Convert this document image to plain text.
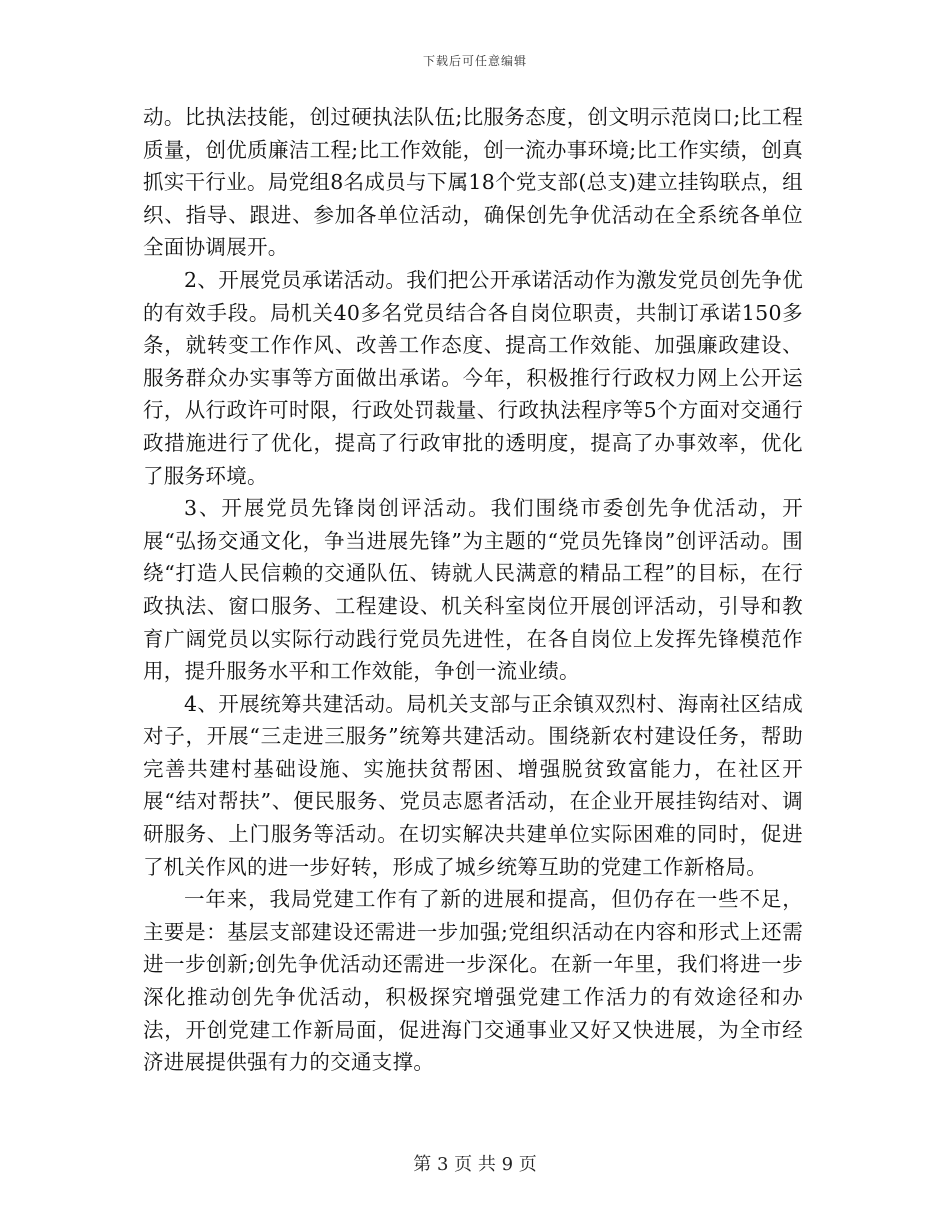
下载后可任意编辑

动。比执法技能，创过硬执法队伍;比服务态度，创文明示范岗口;比工程质量，创优质廉洁工程;比工作效能，创一流办事环境;比工作实绩，创真抓实干行业。局党组8名成员与下属18个党支部(总支)建立挂钩联点，组织、指导、跟进、参加各单位活动，确保创先争优活动在全系统各单位全面协调展开。

2、开展党员承诺活动。我们把公开承诺活动作为激发党员创先争优的有效手段。局机关40多名党员结合各自岗位职责，共制订承诺150多条，就转变工作作风、改善工作态度、提高工作效能、加强廉政建设、服务群众办实事等方面做出承诺。今年，积极推行行政权力网上公开运行，从行政许可时限，行政处罚裁量、行政执法程序等5个方面对交通行政措施进行了优化，提高了行政审批的透明度，提高了办事效率，优化了服务环境。

3、开展党员先锋岗创评活动。我们围绕市委创先争优活动，开展“弘扬交通文化，争当进展先锋”为主题的“党员先锋岗”创评活动。围绕“打造人民信赖的交通队伍、铸就人民满意的精品工程”的目标，在行政执法、窗口服务、工程建设、机关科室岗位开展创评活动，引导和教育广阔党员以实际行动践行党员先进性，在各自岗位上发挥先锋模范作用，提升服务水平和工作效能，争创一流业绩。

4、开展统筹共建活动。局机关支部与正余镇双烈村、海南社区结成对子，开展“三走进三服务”统筹共建活动。围绕新农村建设任务，帮助完善共建村基础设施、实施扶贫帮困、增强脱贫致富能力，在社区开展“结对帮扶”、便民服务、党员志愿者活动，在企业开展挂钩结对、调研服务、上门服务等活动。在切实解决共建单位实际困难的同时，促进了机关作风的进一步好转，形成了城乡统筹互助的党建工作新格局。

一年来，我局党建工作有了新的进展和提高，但仍存在一些不足，主要是：基层支部建设还需进一步加强;党组织活动在内容和形式上还需进一步创新;创先争优活动还需进一步深化。在新一年里，我们将进一步深化推动创先争优活动，积极探究增强党建工作活力的有效途径和办法，开创党建工作新局面，促进海门交通事业又好又快进展，为全市经济进展提供强有力的交通支撑。

第 3 页 共 9 页
